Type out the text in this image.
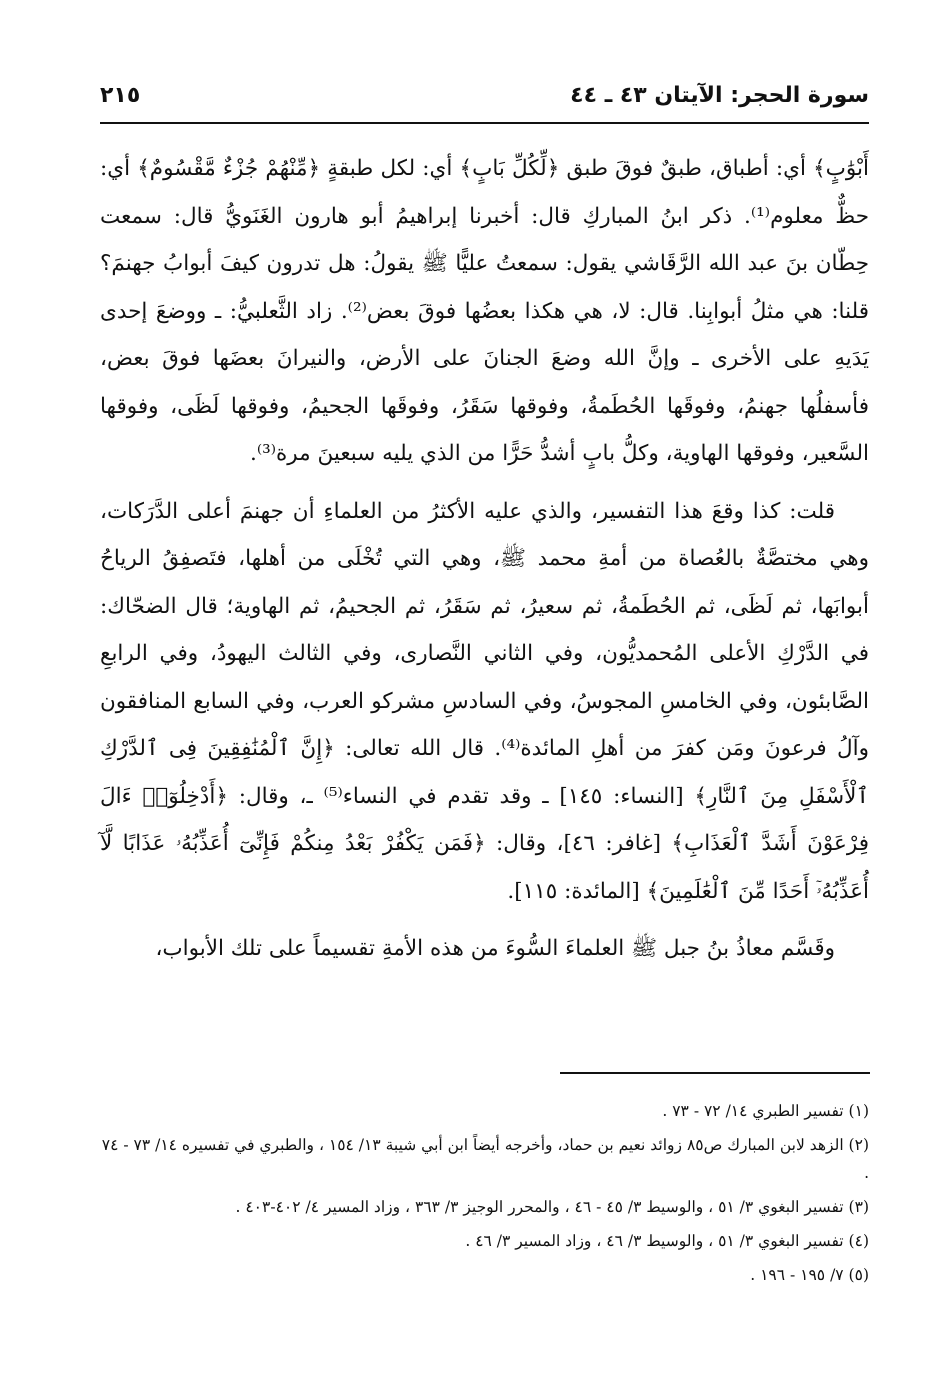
سورة الحجر: الآيتان ٤٣ ـ ٤٤
٢١٥

أَبْوَٰبٍ﴾ أي: أطباق، طبقٌ فوقَ طبق ﴿لِّكُلِّ بَابٍ﴾ أي: لكل طبقةٍ ﴿مِّنْهُمْ جُزْءٌ مَّقْسُومٌ﴾ أي: حظٌّ معلوم⁽¹⁾. ذكر ابنُ المباركِ قال: أخبرنا إبراهيمُ أبو هارون الغَنَويُّ قال: سمعت حِطّان بنَ عبد الله الرَّقَاشي يقول: سمعتُ عليًّا ﷺ يقولُ: هل تدرون كيفَ أبوابُ جهنمَ؟ قلنا: هي مثلُ أبوابِنا. قال: لا، هي هكذا بعضُها فوقَ بعض⁽²⁾. زاد الثَّعلبيُّ: ـ ووضعَ إحدى يَدَيهِ على الأخرى ـ وإنَّ الله وضعَ الجنانَ على الأرض، والنيرانَ بعضَها فوقَ بعض، فأسفلُها جهنمُ، وفوقَها الحُطَمةُ، وفوقها سَقَرُ، وفوقَها الجحيمُ، وفوقها لَظَى، وفوقها السَّعير، وفوقها الهاوية، وكلُّ بابٍ أشدُّ حَرًّا من الذي يليه سبعينَ مرة⁽³⁾.

قلت: كذا وقعَ هذا التفسير، والذي عليه الأكثرُ من العلماءِ أن جهنمَ أعلى الدَّرَكات، وهي مختصَّةٌ بالعُصاة من أمةِ محمد ﷺ، وهي التي تُخْلَى من أهلها، فتَصفِقُ الرياحُ أبوابَها، ثم لَظَى، ثم الحُطَمةُ، ثم سعيرُ، ثم سَقَرُ، ثم الجحيمُ، ثم الهاوية؛ قال الضحّاك: في الدَّرْكِ الأعلى المُحمديُّون، وفي الثاني النَّصارى، وفي الثالث اليهودُ، وفي الرابعِ الصَّابئون، وفي الخامسِ المجوسُ، وفي السادسِ مشركو العرب، وفي السابع المنافقون وآلُ فرعونَ ومَن كفرَ من أهلِ المائدة⁽⁴⁾. قال الله تعالى: ﴿إِنَّ ٱلْمُنَٰفِقِينَ فِى ٱلدَّرْكِ ٱلْأَسْفَلِ مِنَ ٱلنَّارِ﴾ [النساء: ١٤٥] ـ وقد تقدم في النساء⁽⁵⁾ ـ، وقال: ﴿أَدْخِلُوٓا۟ ءَالَ فِرْعَوْنَ أَشَدَّ ٱلْعَذَابِ﴾ [غافر: ٤٦]، وقال: ﴿فَمَن يَكْفُرْ بَعْدُ مِنكُمْ فَإِنِّىٓ أُعَذِّبُهُۥ عَذَابًا لَّآ أُعَذِّبُهُۥٓ أَحَدًا مِّنَ ٱلْعَٰلَمِينَ﴾ [المائدة: ١١٥].

وقَسَّم معاذُ بنُ جبل ﷺ العلماءَ السُّوءَ من هذه الأمةِ تقسيماً على تلك الأبواب،

(١) تفسير الطبري ١٤/ ٧٢ - ٧٣ .

(٢) الزهد لابن المبارك ص٨٥ زوائد نعيم بن حماد، وأخرجه أيضاً ابن أبي شيبة ١٣/ ١٥٤ ، والطبري في تفسيره ١٤/ ٧٣ - ٧٤ .

(٣) تفسير البغوي ٣/ ٥١ ، والوسيط ٣/ ٤٥ - ٤٦ ، والمحرر الوجيز ٣/ ٣٦٣ ، وزاد المسير ٤/ ٤٠٢-٤٠٣ .

(٤) تفسير البغوي ٣/ ٥١ ، والوسيط ٣/ ٤٦ ، وزاد المسير ٣/ ٤٦ .

(٥) ٧/ ١٩٥ - ١٩٦ .
